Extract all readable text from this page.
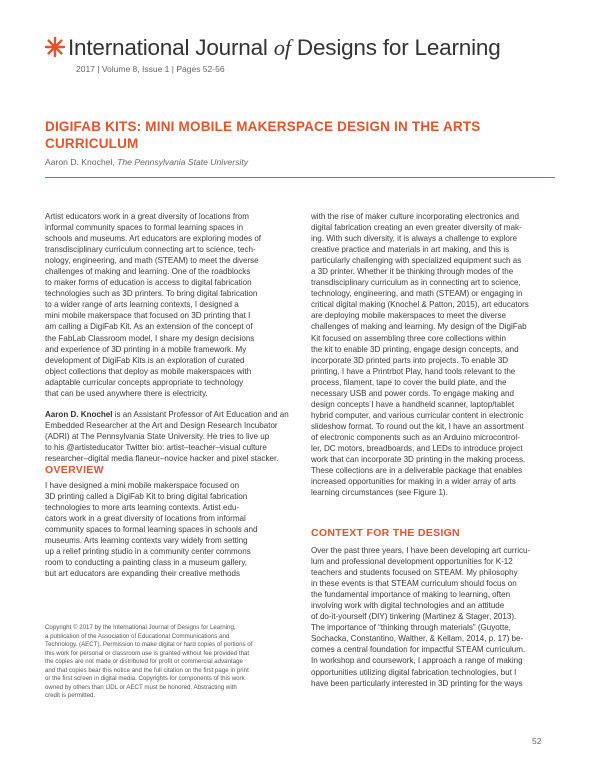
International Journal of Designs for Learning
2017 | Volume 8, Issue 1 | Pages 52-56
DIGIFAB KITS: MINI MOBILE MAKERSPACE DESIGN IN THE ARTS CURRICULUM
Aaron D. Knochel, The Pennsylvania State University
Artist educators work in a great diversity of locations from
informal community spaces to formal learning spaces in
schools and museums. Art educators are exploring modes of
transdisciplinary curriculum connecting art to science, tech-
nology, engineering, and math (STEAM) to meet the diverse
challenges of making and learning. One of the roadblocks
to maker forms of education is access to digital fabrication
technologies such as 3D printers. To bring digital fabrication
to a wider range of arts learning contexts, I designed a
mini mobile makerspace that focused on 3D printing that I
am calling a DigiFab Kit. As an extension of the concept of
the FabLab Classroom model, I share my design decisions
and experience of 3D printing in a mobile framework. My
development of DigiFab Kits is an exploration of curated
object collections that deploy as mobile makerspaces with
adaptable curricular concepts appropriate to technology
that can be used anywhere there is electricity.
Aaron D. Knochel is an Assistant Professor of Art Education and an
Embedded Researcher at the Art and Design Research Incubator
(ADRI) at The Pennsylvania State University. He tries to live up
to his @artisteducator Twitter bio: artist–teacher–visual culture
researcher–digital media flaneur–novice hacker and pixel stacker.
OVERVIEW
I have designed a mini mobile makerspace focused on
3D printing called a DigiFab Kit to bring digital fabrication
technologies to more arts learning contexts. Artist edu-
cators work in a great diversity of locations from informal
community spaces to formal learning spaces in schools and
museums. Arts learning contexts vary widely from setting
up a relief printing studio in a community center commons
room to conducting a painting class in a museum gallery,
but art educators are expanding their creative methods
Copyright © 2017 by the International Journal of Designs for Learning,
a publication of the Association of Educational Communications and
Technology. (AECT). Permission to make digital or hard copies of portions of
this work for personal or classroom use is granted without fee provided that
the copies are not made or distributed for profit or commercial advantage
and that copies bear this notice and the full citation on the first page in print
or the first screen in digital media. Copyrights for components of this work
owned by others than IJDL or AECT must be honored. Abstracting with
credit is permitted.
with the rise of maker culture incorporating electronics and
digital fabrication creating an even greater diversity of mak-
ing. With such diversity, it is always a challenge to explore
creative practice and materials in art making, and this is
particularly challenging with specialized equipment such as
a 3D printer. Whether it be thinking through modes of the
transdisciplinary curriculum as in connecting art to science,
technology, engineering, and math (STEAM) or engaging in
critical digital making (Knochel & Patton, 2015), art educators
are deploying mobile makerspaces to meet the diverse
challenges of making and learning. My design of the DigiFab
Kit focused on assembling three core collections within
the kit to enable 3D printing, engage design concepts, and
incorporate 3D printed parts into projects. To enable 3D
printing, I have a Printrbot Play, hand tools relevant to the
process, filament, tape to cover the build plate, and the
necessary USB and power cords. To engage making and
design concepts I have a handheld scanner, laptop/tablet
hybrid computer, and various curricular content in electronic
slideshow format. To round out the kit, I have an assortment
of electronic components such as an Arduino microcontrol-
ler, DC motors, breadboards, and LEDs to introduce project
work that can incorporate 3D printing in the making process.
These collections are in a deliverable package that enables
increased opportunities for making in a wider array of arts
learning circumstances (see Figure 1).
CONTEXT FOR THE DESIGN
Over the past three years, I have been developing art curricu-
lum and professional development opportunities for K-12
teachers and students focused on STEAM. My philosophy
in these events is that STEAM curriculum should focus on
the fundamental importance of making to learning, often
involving work with digital technologies and an attitude
of do-it-yourself (DIY) tinkering (Martinez & Stager, 2013).
The importance of “thinking through materials” (Guyotte,
Sochacka, Constantino, Walther, & Kellam, 2014, p. 17) be-
comes a central foundation for impactful STEAM curriculum.
In workshop and coursework, I approach a range of making
opportunities utilizing digital fabrication technologies, but I
have been particularly interested in 3D printing for the ways
52
